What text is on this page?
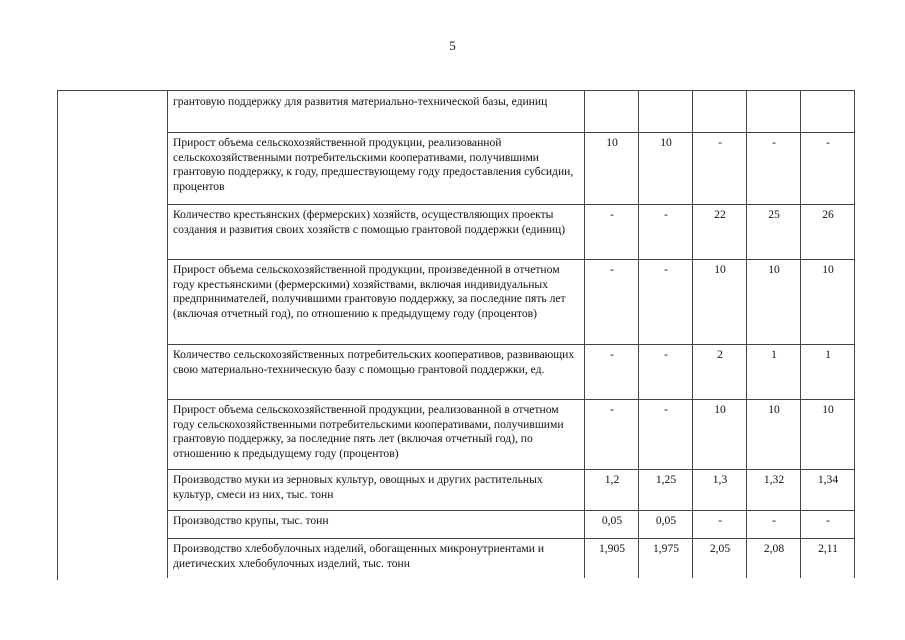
5
грантовую поддержку для развития материально-технической базы, единиц					
Прирост объема сельскохозяйственной продукции, реализованной сельскохозяйственными потребительскими кооперативами, получившими грантовую поддержку, к году, предшествующему году предоставления субсидии, процентов	10	10	-	-	-
Количество крестьянских (фермерских) хозяйств, осуществляющих проекты создания и развития своих хозяйств с помощью грантовой поддержки (единиц)	-	-	22	25	26
Прирост объема сельскохозяйственной продукции, произведенной в отчетном году крестьянскими (фермерскими) хозяйствами, включая индивидуальных предпринимателей, получившими грантовую поддержку, за последние пять лет (включая отчетный год), по отношению к предыдущему году (процентов)	-	-	10	10	10
Количество сельскохозяйственных потребительских кооперативов, развивающих свою материально-техническую базу с помощью грантовой поддержки, ед.	-	-	2	1	1
Прирост объема сельскохозяйственной продукции, реализованной в отчетном году сельскохозяйственными потребительскими кооперативами, получившими грантовую поддержку, за последние пять лет (включая отчетный год), по отношению к предыдущему году (процентов)	-	-	10	10	10
Производство муки из зерновых культур, овощных и других растительных культур, смеси из них, тыс. тонн	1,2	1,25	1,3	1,32	1,34
Производство крупы, тыс. тонн	0,05	0,05	-	-	-
Производство хлебобулочных изделий, обогащенных микронутриентами и диетических хлебобулочных изделий, тыс. тонн	1,905	1,975	2,05	2,08	2,11
